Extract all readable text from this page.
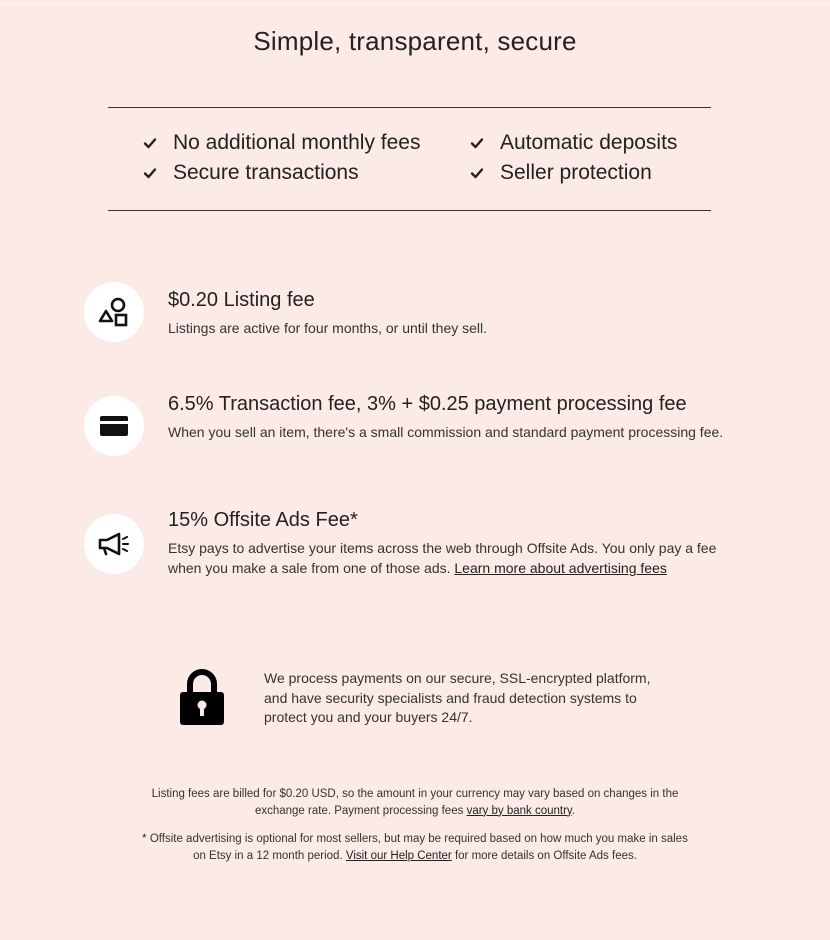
Simple, transparent, secure
No additional monthly fees	Automatic deposits
Secure transactions	Seller protection

$0.20 Listing fee

Listings are active for four months, or until they sell.

6.5% Transaction fee, 3% + $0.25 payment processing fee

When you sell an item, there's a small commission and standard payment processing fee.

15% Offsite Ads Fee*

Etsy pays to advertise your items across the web through Offsite Ads. You only pay a fee when you make a sale from one of those ads. Learn more about advertising fees

We process payments on our secure, SSL-encrypted platform, and have security specialists and fraud detection systems to protect you and your buyers 24/7.
Listing fees are billed for $0.20 USD, so the amount in your currency may vary based on changes in the exchange rate. Payment processing fees vary by bank country.
* Offsite advertising is optional for most sellers, but may be required based on how much you make in sales on Etsy in a 12 month period. Visit our Help Center for more details on Offsite Ads fees.
